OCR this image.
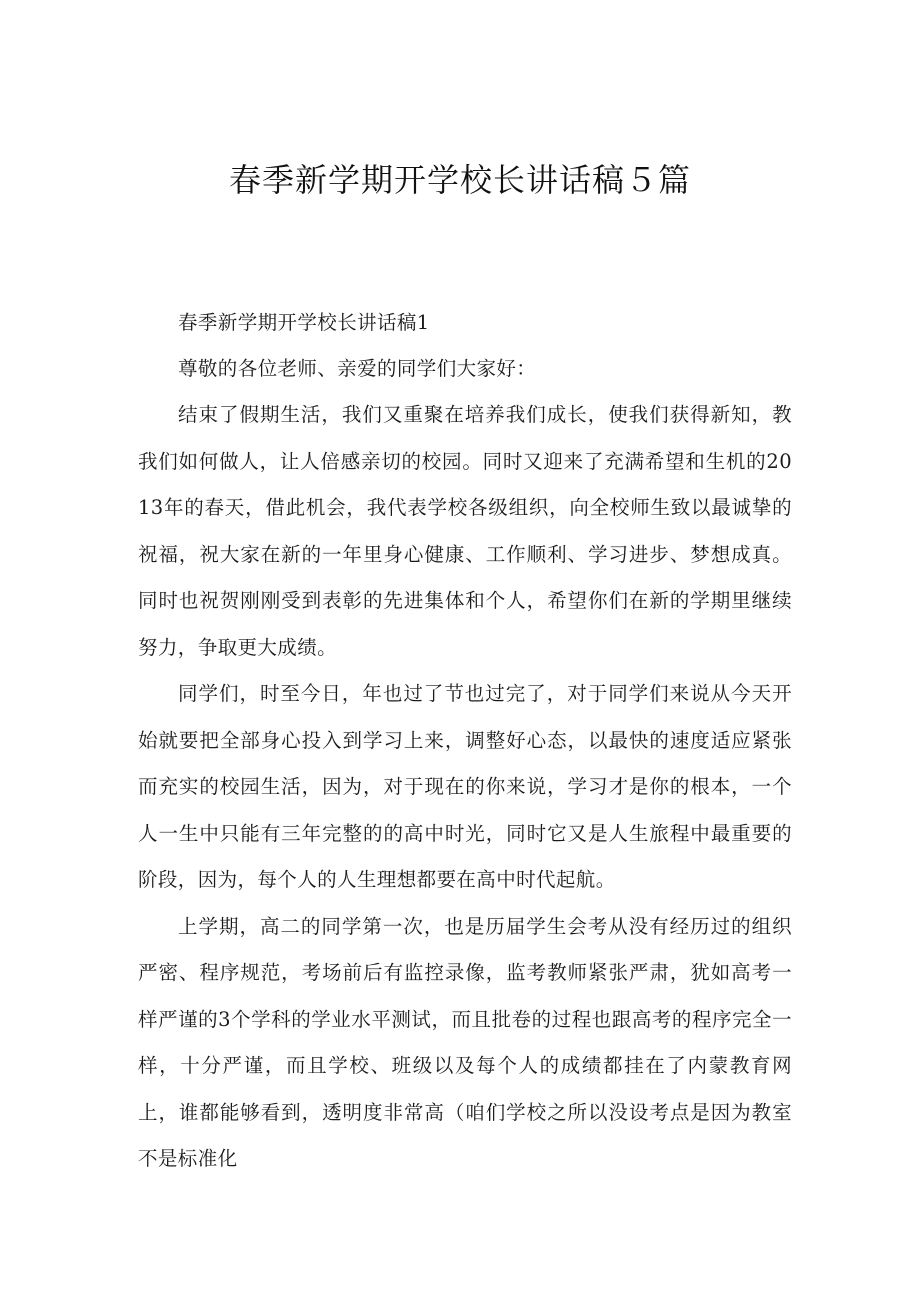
春季新学期开学校长讲话稿５篇

春季新学期开学校长讲话稿1

尊敬的各位老师、亲爱的同学们大家好：

结束了假期生活，我们又重聚在培养我们成长，使我们获得新知，教我们如何做人，让人倍感亲切的校园。同时又迎来了充满希望和生机的2013年的春天，借此机会，我代表学校各级组织，向全校师生致以最诚挚的祝福，祝大家在新的一年里身心健康、工作顺利、学习进步、梦想成真。同时也祝贺刚刚受到表彰的先进集体和个人，希望你们在新的学期里继续努力，争取更大成绩。

同学们，时至今日，年也过了节也过完了，对于同学们来说从今天开始就要把全部身心投入到学习上来，调整好心态，以最快的速度适应紧张而充实的校园生活，因为，对于现在的你来说，学习才是你的根本，一个人一生中只能有三年完整的的高中时光，同时它又是人生旅程中最重要的阶段，因为，每个人的人生理想都要在高中时代起航。

上学期，高二的同学第一次，也是历届学生会考从没有经历过的组织严密、程序规范，考场前后有监控录像，监考教师紧张严肃，犹如高考一样严谨的3个学科的学业水平测试，而且批卷的过程也跟高考的程序完全一样，十分严谨，而且学校、班级以及每个人的成绩都挂在了内蒙教育网上，谁都能够看到，透明度非常高（咱们学校之所以没设考点是因为教室不是标准化
